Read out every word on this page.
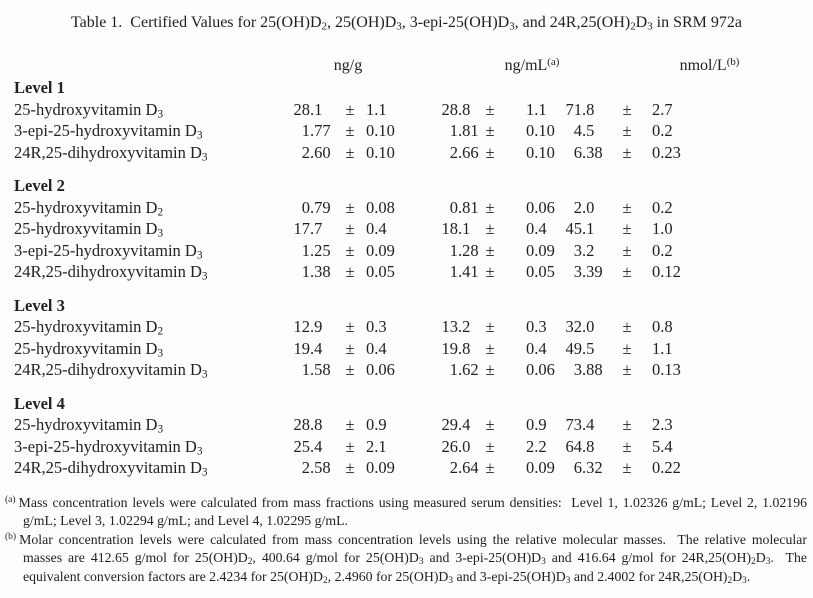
Table 1.  Certified Values for $25(OH)D_2$, $25(OH)D_3$, $3-epi-25(OH)D_3$, and $24R,25(OH)_2D_3$ in SRM 972a
ng/g	$ng/mL^{(a)}$	nmol/$L^{(b)}$
Level 1
25-hydroxyvitamin $D_3$	28.1	± 1.1	28.8 ±	1.1	71.8	±	2.7
3-epi-25-hydroxyvitamin $D_3$	1.77 ± 0.10	1.81 ±	0.10	4.5	±	0.2
24R,25-dihydroxyvitamin $D_3$	2.60 ± 0.10	2.66 ±	0.10	6.38	±	0.23
Level 2
25-hydroxyvitamin $D_2$	0.79 ± 0.08	0.81 ±	0.06	2.0	±	0.2
25-hydroxyvitamin $D_3$	17.7	± 0.4	18.1 ±	0.4	45.1	±	1.0
3-epi-25-hydroxyvitamin $D_3$	1.25 ± 0.09	1.28 ±	0.09	3.2	±	0.2
24R,25-dihydroxyvitamin $D_3$	1.38 ± 0.05	1.41 ±	0.05	3.39	±	0.12
Level 3
25-hydroxyvitamin $D_2$	12.9	± 0.3	13.2 ±	0.3	32.0	±	0.8
25-hydroxyvitamin $D_3$	19.4	± 0.4	19.8 ±	0.4	49.5	±	1.1
24R,25-dihydroxyvitamin $D_3$	1.58 ± 0.06	1.62 ±	0.06	3.88	±	0.13
Level 4
25-hydroxyvitamin $D_3$	28.8	± 0.9	29.4 ±	0.9	73.4	±	2.3
3-epi-25-hydroxyvitamin $D_3$	25.4	± 2.1	26.0 ±	2.2	64.8	±	5.4
24R,25-dihydroxyvitamin $D_3$	2.58 ± 0.09	2.64 ±	0.09	6.32	±	0.22
$^{(a)}$ Mass concentration levels were calculated from mass fractions using measured serum densities:  Level 1, 1.02326 g/mL; Level 2, 1.02196 g/mL; Level 3, 1.02294 g/mL; and Level 4, 1.02295 g/mL.
$^{(b)}$ Molar concentration levels were calculated from mass concentration levels using the relative molecular masses.  The relative molecular masses are 412.65 g/mol for $25(OH)D_2$, 400.64 g/mol for $25(OH)D_3$ and $3-epi-25(OH)D_3$ and 416.64 g/mol for $24R,25(OH)_2D_3$.  The equivalent conversion factors are 2.4234 for $25(OH)D_2$, 2.4960 for $25(OH)D_3$ and $3-epi-25(OH)D_3$ and 2.4002 for $24R,25(OH)_2D_3$.
